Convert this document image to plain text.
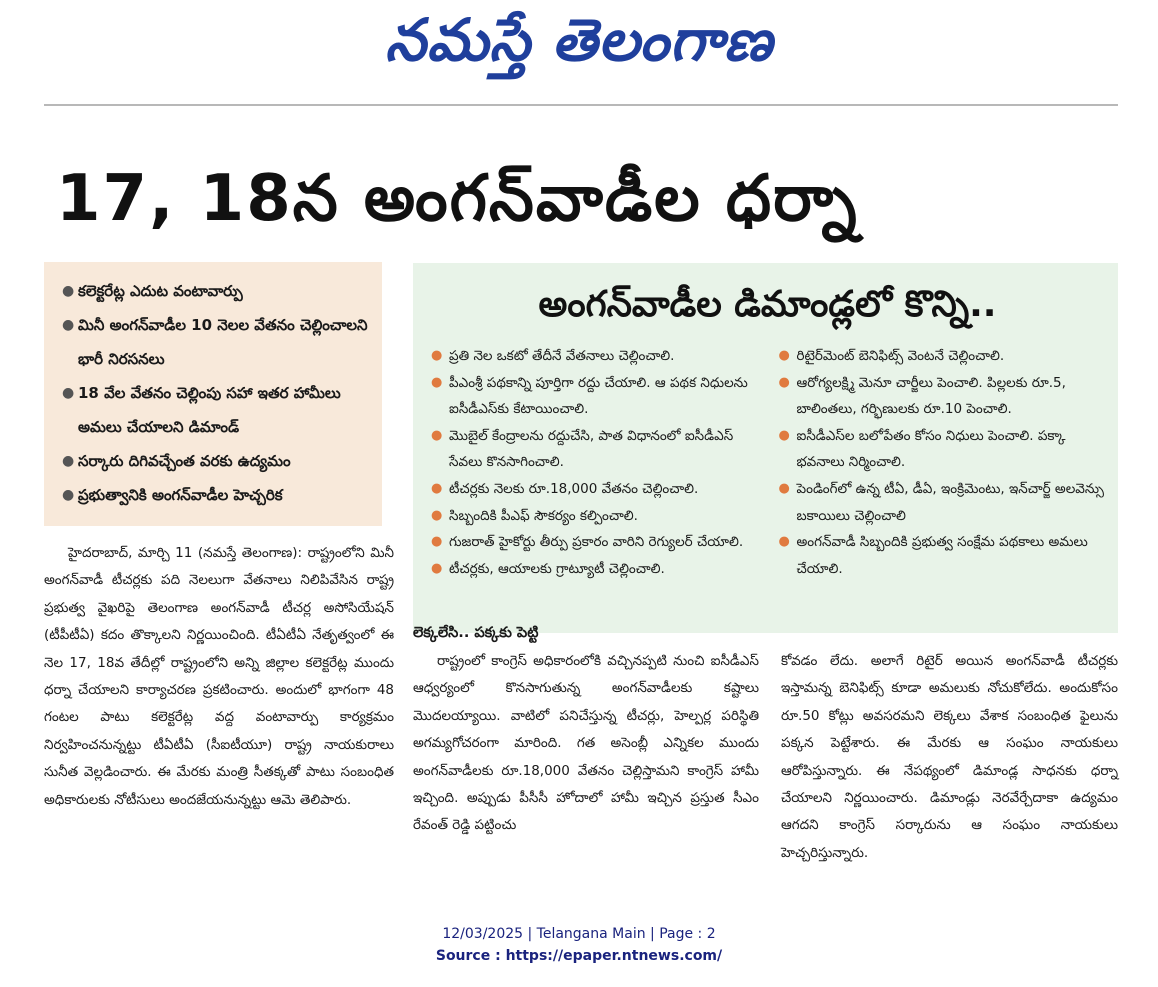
నమస్తే తెలంగాణ
17, 18న అంగన్‌వాడీల ధర్నా
● కలెక్టరేట్ల ఎదుట వంటావార్పు
● మినీ అంగన్‌వాడీల 10 నెలల వేతనం చెల్లించాలని భారీ నిరసనలు
● 18 వేల వేతనం చెల్లింపు సహా ఇతర హామీలు అమలు చేయాలని డిమాండ్
● సర్కారు దిగివచ్చేంత వరకు ఉద్యమం
● ప్రభుత్వానికి అంగన్‌వాడీల హెచ్చరిక
అంగన్‌వాడీల డిమాండ్లలో కొన్ని..
● ప్రతి నెల ఒకటో తేదీనే వేతనాలు చెల్లించాలి.
● పీఎంశ్రీ పథకాన్ని పూర్తిగా రద్దు చేయాలి. ఆ పథక నిధులను ఐసీడీఎస్‌కు కేటాయించాలి.
● మొబైల్ కేంద్రాలను రద్దుచేసి, పాత విధానంలో ఐసీడీఎస్ సేవలు కొనసాగించాలి.
● టీచర్లకు నెలకు రూ.18,000 వేతనం చెల్లించాలి.
● సిబ్బందికి పీఎఫ్ సౌకర్యం కల్పించాలి.
● గుజరాత్ హైకోర్టు తీర్పు ప్రకారం వారిని రెగ్యులర్ చేయాలి.
● టీచర్లకు, ఆయాలకు గ్రాట్యూటీ చెల్లించాలి.
● రిటైర్‌మెంట్ బెనిఫిట్స్ వెంటనే చెల్లించాలి.
● ఆరోగ్యలక్ష్మి మెనూ చార్జీలు పెంచాలి. పిల్లలకు రూ.5, బాలింతలు, గర్భిణులకు రూ.10 పెంచాలి.
● ఐసీడీఎస్‌ల బలోపేతం కోసం నిధులు పెంచాలి. పక్కా భవనాలు నిర్మించాలి.
● పెండింగ్‌లో ఉన్న టీఏ, డీఏ, ఇంక్రిమెంటు, ఇన్‌చార్జ్ అలవెన్సు బకాయిలు చెల్లించాలి
● అంగన్‌వాడీ సిబ్బందికి ప్రభుత్వ సంక్షేమ పథకాలు అమలు చేయాలి.
హైదరాబాద్, మార్చి 11 (నమస్తే తెలంగాణ): రాష్ట్రంలోని మినీ అంగన్‌వాడీ టీచర్లకు పది నెలలుగా వేతనాలు నిలిపివేసిన రాష్ట్ర ప్రభుత్వ వైఖరిపై తెలంగాణ అంగన్‌వాడీ టీచర్ల అసోసియేషన్ (టీపీటీఏ) కదం తొక్కాలని నిర్ణయించింది. టీఏటీఏ నేతృత్వంలో ఈ నెల 17, 18వ తేదీల్లో రాష్ట్రంలోని అన్ని జిల్లాల కలెక్టరేట్ల ముందు ధర్నా చేయాలని కార్యాచరణ ప్రకటించారు. అందులో భాగంగా 48 గంటల పాటు కలెక్టరేట్ల వద్ద వంటావార్పు కార్యక్రమం నిర్వహించనున్నట్టు టీఏటీఏ (సీఐటీయూ) రాష్ట్ర నాయకురాలు సునీత వెల్లడించారు. ఈ మేరకు మంత్రి సీతక్కతో పాటు సంబంధిత అధికారులకు నోటీసులు అందజేయనున్నట్టు ఆమె తెలిపారు.
లెక్కలేసి.. పక్కకు పెట్టి
రాష్ట్రంలో కాంగ్రెస్ అధికారంలోకి వచ్చినప్పటి నుంచి ఐసీడీఎస్ ఆధ్వర్యంలో కొనసాగుతున్న అంగన్‌వాడీలకు కష్టాలు మొదలయ్యాయి. వాటిలో పనిచేస్తున్న టీచర్లు, హెల్పర్ల పరిస్థితి అగమ్యగోచరంగా మారింది. గత అసెంబ్లీ ఎన్నికల ముందు అంగన్‌వాడీలకు రూ.18,000 వేతనం చెల్లిస్తామని కాంగ్రెస్ హామీ ఇచ్చింది. అప్పుడు పీసీసీ హోదాలో హామీ ఇచ్చిన ప్రస్తుత సీఎం రేవంత్ రెడ్డి పట్టించు
కోవడం లేదు. అలాగే రిటైర్ అయిన అంగన్‌వాడీ టీచర్లకు ఇస్తామన్న బెనిఫిట్స్ కూడా అమలుకు నోచుకోలేదు. అందుకోసం రూ.50 కోట్లు అవసరమని లెక్కలు వేశాక సంబంధిత ఫైలును పక్కన పెట్టేశారు. ఈ మేరకు ఆ సంఘం నాయకులు ఆరోపిస్తున్నారు. ఈ నేపథ్యంలో డిమాండ్ల సాధనకు ధర్నా చేయాలని నిర్ణయించారు. డిమాండ్లు నెరవేర్చేదాకా ఉద్యమం ఆగదని కాంగ్రెస్ సర్కారును ఆ సంఘం నాయకులు హెచ్చరిస్తున్నారు.
12/03/2025 | Telangana Main | Page : 2
Source : https://epaper.ntnews.com/
